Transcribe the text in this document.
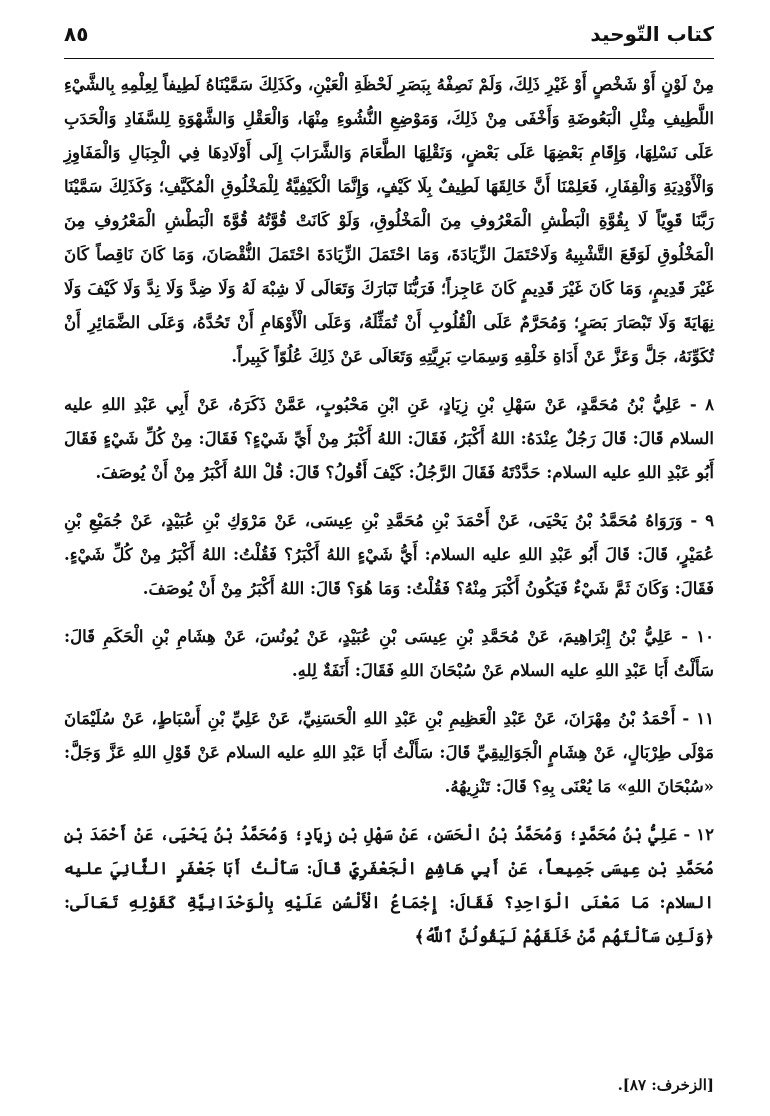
كتاب التّوحيد
٨٥

مِنْ لَوْنٍ أَوْ شَخْصٍ أَوْ غَيْرِ ذَلِكَ، وَلَمْ نَصِفْهُ بِبَصَرِ لَحْظَةِ الْعَيْنِ، وكَذَلِكَ سَمَّيْنَاهُ لَطِيفاً لِعِلْمِهِ بِالشَّيْءِ اللَّطِيفِ مِثْلِ الْبَعُوضَةِ وَأَخْفَى مِنْ ذَلِكَ، وَمَوْضِعِ النُّشُوءِ مِنْهَا، وَالْعَقْلِ وَالشَّهْوَةِ لِلسَّفَادِ وَالْحَدَبِ عَلَى نَسْلِهَا، وَإِقَامِ بَعْضِهَا عَلَى بَعْضٍ، وَنَقْلِهَا الطَّعَامَ وَالشَّرَابَ إِلَى أَوْلَادِهَا فِي الْجِبَالِ وَالْمَفَاوِزِ وَالْأَوْدِيَةِ وَالْقِفَارِ، فَعَلِمْنَا أَنَّ خَالِقَهَا لَطِيفٌ بِلَا كَيْفٍ، وَإِنَّمَا الْكَيْفِيَّةُ لِلْمَخْلُوقِ الْمُكَيَّفِ؛ وَكَذَلِكَ سَمَّيْنَا رَبَّنَا قَوِيّاً لَا بِقُوَّةِ الْبَطْشِ الْمَعْرُوفِ مِنَ الْمَخْلُوقِ، وَلَوْ كَانَتْ قُوَّتُهُ قُوَّةَ الْبَطْشِ الْمَعْرُوفِ مِنَ الْمَخْلُوقِ لَوَقَعَ التَّشْبِيهُ وَلَاحْتَمَلَ الزِّيَادَةَ، وَمَا احْتَمَلَ الزِّيَادَةَ احْتَمَلَ النُّقْصَانَ، وَمَا كَانَ نَاقِصاً كَانَ غَيْرَ قَدِيمٍ، وَمَا كَانَ غَيْرَ قَدِيمٍ كَانَ عَاجِزاً؛ فَرَبُّنَا تَبَارَكَ وَتَعَالَى لَا شِبْهَ لَهُ وَلَا ضِدَّ وَلَا نِدَّ وَلَا كَيْفَ وَلَا نِهَايَةَ وَلَا تَبْصَارَ بَصَرٍ؛ وَمُحَرَّمٌ عَلَى الْقُلُوبِ أَنْ تُمَثِّلَهُ، وَعَلَى الْأَوْهَامِ أَنْ تَحُدَّهُ، وَعَلَى الضَّمَائِرِ أَنْ تُكَوِّنَهُ، جَلَّ وَعَزَّ عَنْ أَدَاةِ خَلْقِهِ وَسِمَاتِ بَرِيَّتِهِ وَتَعَالَى عَنْ ذَلِكَ عُلُوّاً كَبِيراً.

٨ - عَلِيُّ بْنُ مُحَمَّدٍ، عَنْ سَهْلِ بْنِ زِيَادٍ، عَنِ ابْنِ مَحْبُوبٍ، عَمَّنْ ذَكَرَهُ، عَنْ أَبِي عَبْدِ اللهِ عليه السلام قَالَ: قَالَ رَجُلٌ عِنْدَهُ: اللهُ أَكْبَرُ، فَقَالَ: اللهُ أَكْبَرُ مِنْ أَيِّ شَيْءٍ؟ فَقَالَ: مِنْ كُلِّ شَيْءٍ فَقَالَ أَبُو عَبْدِ اللهِ عليه السلام: حَدَّدْتَهُ فَقَالَ الرَّجُلُ: كَيْفَ أَقُولُ؟ قَالَ: قُلْ اللهُ أَكْبَرُ مِنْ أَنْ يُوصَفَ.

٩ - وَرَوَاهُ مُحَمَّدُ بْنُ يَحْيَى، عَنْ أَحْمَدَ بْنِ مُحَمَّدِ بْنِ عِيسَى، عَنْ مَرْوَكِ بْنِ عُبَيْدٍ، عَنْ جُمَيْعِ بْنِ عُمَيْرٍ، قَالَ: قَالَ أَبُو عَبْدِ اللهِ عليه السلام: أَيُّ شَيْءٍ اللهُ أَكْبَرُ؟ فَقُلْتُ: اللهُ أَكْبَرُ مِنْ كُلِّ شَيْءٍ. فَقَالَ: وَكَانَ ثَمَّ شَيْءٌ فَيَكُونُ أَكْبَرَ مِنْهُ؟ فَقُلْتُ: وَمَا هُوَ؟ قَالَ: اللهُ أَكْبَرُ مِنْ أَنْ يُوصَفَ.

١٠ - عَلِيُّ بْنُ إِبْرَاهِيمَ، عَنْ مُحَمَّدِ بْنِ عِيسَى بْنِ عُبَيْدٍ، عَنْ يُونُسَ، عَنْ هِشَامِ بْنِ الْحَكَمِ قَالَ: سَأَلْتُ أَبَا عَبْدِ اللهِ عليه السلام عَنْ سُبْحَانَ اللهِ فَقَالَ: أَنَفَةٌ لِلهِ.

١١ - أَحْمَدُ بْنُ مِهْرَانَ، عَنْ عَبْدِ الْعَظِيمِ بْنِ عَبْدِ اللهِ الْحَسَنِيِّ، عَنْ عَلِيِّ بْنِ أَسْبَاطٍ، عَنْ سُلَيْمَانَ مَوْلَى طِرْبَالٍ، عَنْ هِشَامٍ الْجَوَالِيقِيِّ قَالَ: سَأَلْتُ أَبَا عَبْدِ اللهِ عليه السلام عَنْ قَوْلِ اللهِ عَزَّ وَجَلَّ: «سُبْحَانَ اللهِ» مَا يُعْنَى بِهِ؟ قَالَ: تَنْزِيهُهُ.

١٢ - عَلِيُّ بْنُ مُحَمَّدٍ؛ وَمُحَمَّدُ بْنُ الْحَسَنِ، عَنْ سَهْلِ بْنِ زِيَادٍ؛ وَمُحَمَّدُ بْنُ يَحْيَى، عَنْ أَحْمَدَ بْنِ مُحَمَّدِ بْنِ عِيسَى جَمِيعاً، عَنْ أَبِي هَاشِمٍ الْجَعْفَرِيِّ قَالَ: سَأَلْتُ أَبَا جَعْفَرٍ الثَّانِيَ عليه السلام: مَا مَعْنَى الْوَاحِدِ؟ فَقَالَ: إِجْمَاعُ الْأَلْسُنِ عَلَيْهِ بِالْوَحْدَانِيَّةِ كَقَوْلِهِ تَعَالَى: ﴿وَلَئِن سَأَلْتَهُم مَّنْ خَلَقَهُمْ لَيَقُولُنَّ ٱللَّهُ﴾

[الزخرف: ٨٧].
